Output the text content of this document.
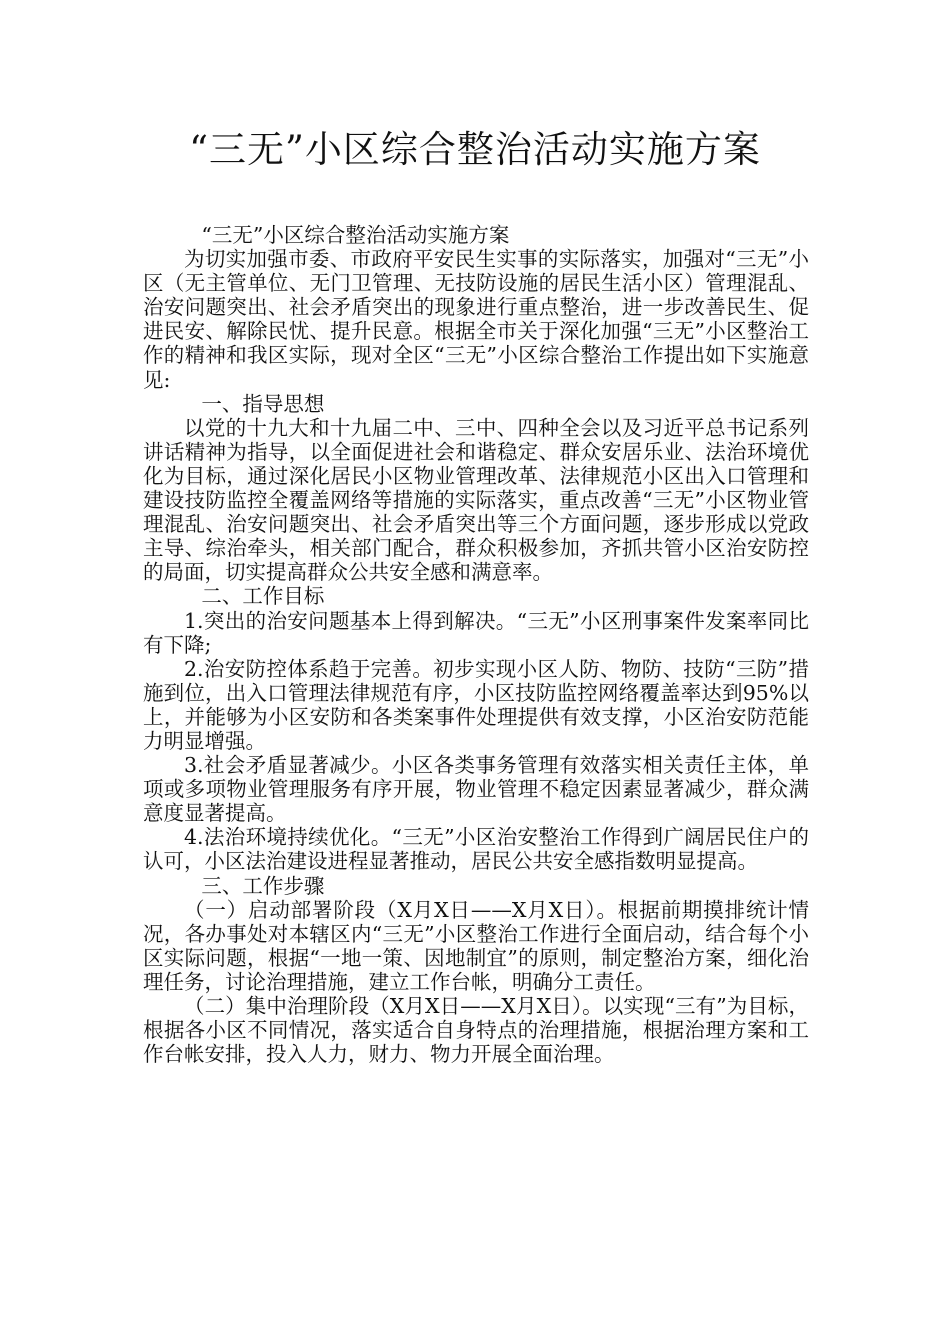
“三无”小区综合整治活动实施方案

“三无”小区综合整治活动实施方案

为切实加强市委、市政府平安民生实事的实际落实，加强对“三无”小区（无主管单位、无门卫管理、无技防设施的居民生活小区）管理混乱、治安问题突出、社会矛盾突出的现象进行重点整治，进一步改善民生、促进民安、解除民忧、提升民意。根据全市关于深化加强“三无”小区整治工作的精神和我区实际，现对全区“三无”小区综合整治工作提出如下实施意见:

一、指导思想

以党的十九大和十九届二中、三中、四种全会以及习近平总书记系列讲话精神为指导，以全面促进社会和谐稳定、群众安居乐业、法治环境优化为目标，通过深化居民小区物业管理改革、法律规范小区出入口管理和建设技防监控全覆盖网络等措施的实际落实，重点改善“三无”小区物业管理混乱、治安问题突出、社会矛盾突出等三个方面问题，逐步形成以党政主导、综治牵头，相关部门配合，群众积极参加，齐抓共管小区治安防控的局面，切实提高群众公共安全感和满意率。

二、工作目标

1.突出的治安问题基本上得到解决。“三无”小区刑事案件发案率同比有下降;

2.治安防控体系趋于完善。初步实现小区人防、物防、技防“三防”措施到位，出入口管理法律规范有序，小区技防监控网络覆盖率达到95%以上，并能够为小区安防和各类案事件处理提供有效支撑，小区治安防范能力明显增强。

3.社会矛盾显著减少。小区各类事务管理有效落实相关责任主体，单项或多项物业管理服务有序开展，物业管理不稳定因素显著减少，群众满意度显著提高。

4.法治环境持续优化。“三无”小区治安整治工作得到广阔居民住户的认可，小区法治建设进程显著推动，居民公共安全感指数明显提高。

三、工作步骤

（一）启动部署阶段（X月X日——X月X日）。根据前期摸排统计情况，各办事处对本辖区内“三无”小区整治工作进行全面启动，结合每个小区实际问题，根据“一地一策、因地制宜”的原则，制定整治方案，细化治理任务，讨论治理措施，建立工作台帐，明确分工责任。

（二）集中治理阶段（X月X日——X月X日）。以实现“三有”为目标，根据各小区不同情况，落实适合自身特点的治理措施，根据治理方案和工作台帐安排，投入人力，财力、物力开展全面治理。
